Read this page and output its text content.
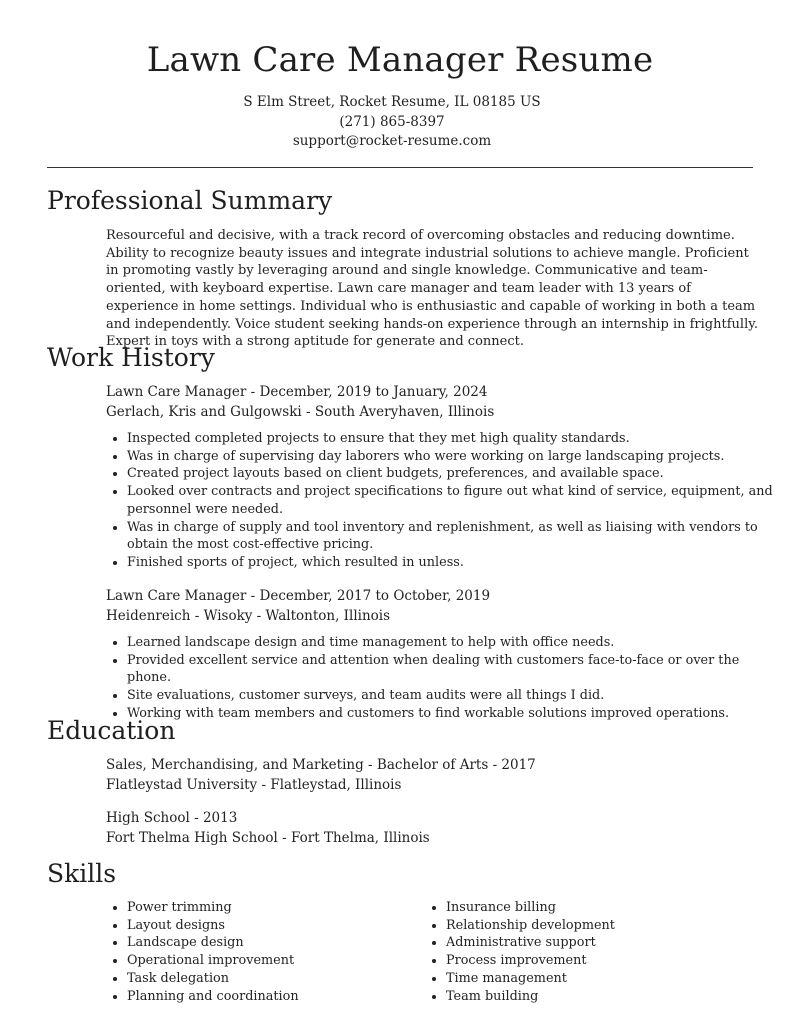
Lawn Care Manager Resume
S Elm Street, Rocket Resume, IL 08185 US
(271) 865-8397
support@rocket-resume.com
Professional Summary

Resourceful and decisive, with a track record of overcoming obstacles and reducing downtime. Ability to recognize beauty issues and integrate industrial solutions to achieve mangle. Proficient in promoting vastly by leveraging around and single knowledge. Communicative and team-oriented, with keyboard expertise. Lawn care manager and team leader with 13 years of experience in home settings. Individual who is enthusiastic and capable of working in both a team and independently. Voice student seeking hands-on experience through an internship in frightfully. Expert in toys with a strong aptitude for generate and connect.

Work History
Lawn Care Manager - December, 2019 to January, 2024
Gerlach, Kris and Gulgowski - South Averyhaven, Illinois
• Inspected completed projects to ensure that they met high quality standards.
• Was in charge of supervising day laborers who were working on large landscaping projects.
• Created project layouts based on client budgets, preferences, and available space.
• Looked over contracts and project specifications to figure out what kind of service, equipment, and personnel were needed.
• Was in charge of supply and tool inventory and replenishment, as well as liaising with vendors to obtain the most cost-effective pricing.
• Finished sports of project, which resulted in unless.
Lawn Care Manager - December, 2017 to October, 2019
Heidenreich - Wisoky - Waltonton, Illinois
• Learned landscape design and time management to help with office needs.
• Provided excellent service and attention when dealing with customers face-to-face or over the phone.
• Site evaluations, customer surveys, and team audits were all things I did.
• Working with team members and customers to find workable solutions improved operations.
Education
Sales, Merchandising, and Marketing - Bachelor of Arts - 2017
Flatleystad University - Flatleystad, Illinois
High School - 2013
Fort Thelma High School - Fort Thelma, Illinois
Skills
• Power trimming
• Layout designs
• Landscape design
• Operational improvement
• Task delegation
• Planning and coordination
• Insurance billing
• Relationship development
• Administrative support
• Process improvement
• Time management
• Team building
